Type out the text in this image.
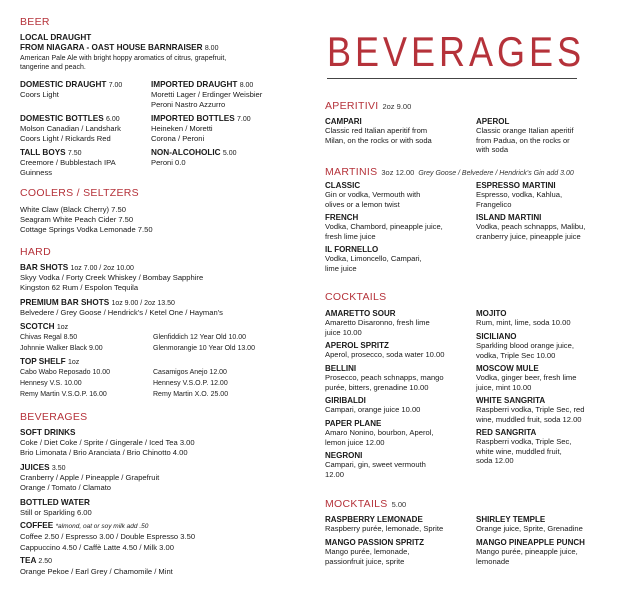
BEER
LOCAL DRAUGHT
FROM NIAGARA - OAST HOUSE BARNRAISER 8.00
American Pale Ale with bright hoppy aromatics of citrus, grapefruit,
tangerine and peach.
DOMESTIC DRAUGHT 7.00
Coors Light
IMPORTED DRAUGHT 8.00
Moretti Lager / Erdinger Weisbier
Peroni Nastro Azzurro
DOMESTIC BOTTLES 6.00
Molson Canadian / Landshark
Coors Light / Rickards Red
IMPORTED BOTTLES 7.00
Heineken / Moretti
Corona / Peroni
TALL BOYS 7.50
Creemore / Bubblestach IPA
Guinness
NON-ALCOHOLIC 5.00
Peroni 0.0
COOLERS / SELTZERS
White Claw (Black Cherry) 7.50
Seagram White Peach Cider 7.50
Cottage Springs Vodka Lemonade 7.50
HARD
BAR SHOTS 1oz 7.00 / 2oz 10.00
Skyy Vodka / Forty Creek Whiskey / Bombay Sapphire
Kingston 62 Rum / Espolon Tequila
PREMIUM BAR SHOTS 1oz 9.00 / 2oz 13.50
Belvedere / Grey Goose / Hendrick's / Ketel One / Hayman's
SCOTCH 1oz
Chivas Regal 8.50
Johnnie Walker Black 9.00
Glenfiddich 12 Year Old 10.00
Glenmorangie 10 Year Old 13.00
TOP SHELF 1oz
Cabo Wabo Reposado 10.00
Hennesy V.S. 10.00
Remy Martin V.S.O.P. 16.00
Casamigos Anejo 12.00
Hennesy V.S.O.P. 12.00
Remy Martin X.O. 25.00
BEVERAGES
SOFT DRINKS
Coke / Diet Coke / Sprite / Gingerale / Iced Tea 3.00
Brio Limonata / Brio Aranciata / Brio Chinotto 4.00
JUICES 3.50
Cranberry / Apple / Pineapple / Grapefruit
Orange / Tomato / Clamato
BOTTLED WATER
Still or Sparkling 6.00
COFFEE *almond, oat or soy milk add .50
Coffee 2.50 / Espresso 3.00 / Double Espresso 3.50
Cappuccino 4.50 / Caffè Latte 4.50 / Milk 3.00
TEA 2.50
Orange Pekoe / Earl Grey / Chamomile / Mint
BEVERAGES
APERITIVI 2oz 9.00
CAMPARI
Classic red Italian aperitif from
Milan, on the rocks or with soda
APEROL
Classic orange Italian aperitif
from Padua, on the rocks or
with soda
MARTINIS 3oz 12.00 Grey Goose / Belvedere / Hendrick's Gin add 3.00
CLASSIC
Gin or vodka, Vermouth with
olives or a lemon twist
ESPRESSO MARTINI
Espresso, vodka, Kahlua,
Frangelico
FRENCH
Vodka, Chambord, pineapple juice,
fresh lime juice
ISLAND MARTINI
Vodka, peach schnapps, Malibu,
cranberry juice, pineapple juice
IL FORNELLO
Vodka, Limoncello, Campari,
lime juice
COCKTAILS
AMARETTO SOUR
Amaretto Disaronno, fresh lime
juice 10.00
MOJITO
Rum, mint, lime, soda 10.00
APEROL SPRITZ
Aperol, prosecco, soda water 10.00
SICILIANO
Sparkling blood orange juice,
vodka, Triple Sec 10.00
BELLINI
Prosecco, peach schnapps, mango
purée, bitters, grenadine 10.00
MOSCOW MULE
Vodka, ginger beer, fresh lime
juice, mint 10.00
GIRIBALDI
Campari, orange juice 10.00
WHITE SANGRITA
Raspberri vodka, Triple Sec, red
wine, muddled fruit, soda 12.00
PAPER PLANE
Amaro Nonino, bourbon, Aperol,
lemon juice 12.00
RED SANGRITA
Raspberri vodka, Triple Sec,
white wine, muddled fruit,
soda 12.00
NEGRONI
Campari, gin, sweet vermouth
12.00
MOCKTAILS 5.00
RASPBERRY LEMONADE
Raspberry purée, lemonade, Sprite
SHIRLEY TEMPLE
Orange juice, Sprite, Grenadine
MANGO PASSION SPRITZ
Mango purée, lemonade,
passionfruit juice, sprite
MANGO PINEAPPLE PUNCH
Mango purée, pineapple juice,
lemonade
